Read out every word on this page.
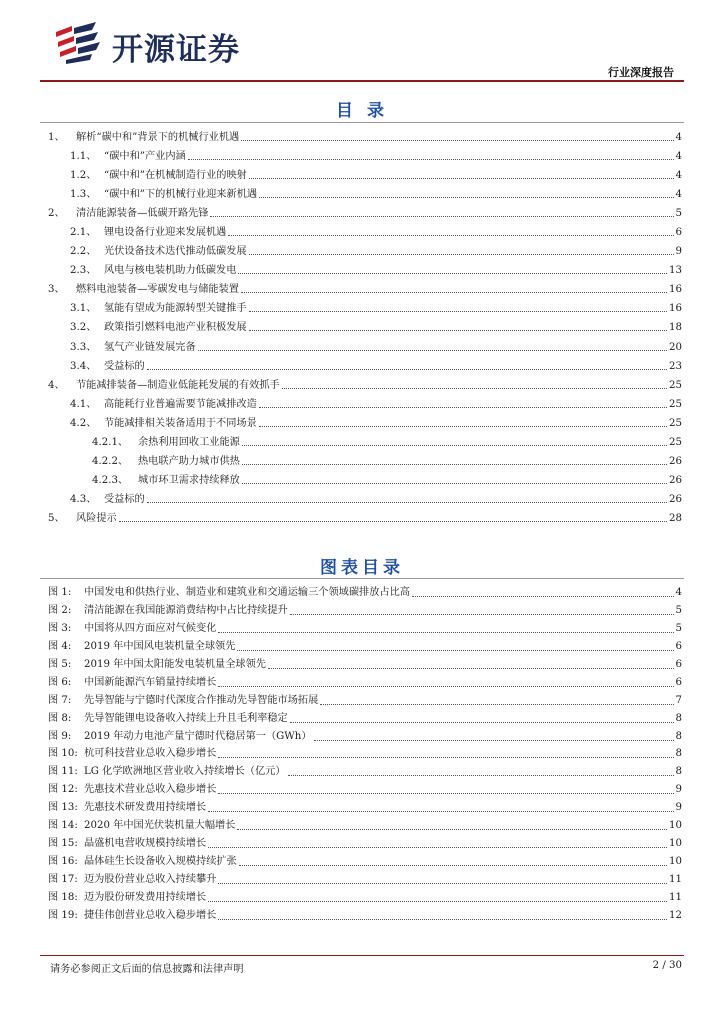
开源证券
行业深度报告
目 录
1、 解析“碳中和”背景下的机械行业机遇	4
1.1、 “碳中和”产业内涵	4
1.2、 “碳中和”在机械制造行业的映射	4
1.3、 “碳中和”下的机械行业迎来新机遇	4
2、 清洁能源装备—低碳开路先锋	5
2.1、 锂电设备行业迎来发展机遇	6
2.2、 光伏设备技术迭代推动低碳发展	9
2.3、 风电与核电装机助力低碳发电	13
3、 燃料电池装备—零碳发电与储能装置	16
3.1、 氢能有望成为能源转型关键推手	16
3.2、 政策指引燃料电池产业积极发展	18
3.3、 氢气产业链发展完备	20
3.4、 受益标的	23
4、 节能减排装备—制造业低能耗发展的有效抓手	25
4.1、 高能耗行业普遍需要节能减排改造	25
4.2、 节能减排相关装备适用于不同场景	25
4.2.1、 余热利用回收工业能源	25
4.2.2、 热电联产助力城市供热	26
4.2.3、 城市环卫需求持续释放	26
4.3、 受益标的	26
5、 风险提示	28
图表目录
图 1: 中国发电和供热行业、制造业和建筑业和交通运输三个领域碳排放占比高	4
图 2: 清洁能源在我国能源消费结构中占比持续提升	5
图 3: 中国将从四方面应对气候变化	5
图 4: 2019 年中国风电装机量全球领先	6
图 5: 2019 年中国太阳能发电装机量全球领先	6
图 6: 中国新能源汽车销量持续增长	6
图 7: 先导智能与宁德时代深度合作推动先导智能市场拓展	7
图 8: 先导智能锂电设备收入持续上升且毛利率稳定	8
图 9: 2019 年动力电池产量宁德时代稳居第一（GWh）	8
图 10: 杭可科技营业总收入稳步增长	8
图 11: LG 化学欧洲地区营业收入持续增长（亿元）	8
图 12: 先惠技术营业总收入稳步增长	9
图 13: 先惠技术研发费用持续增长	9
图 14: 2020 年中国光伏装机量大幅增长	10
图 15: 晶盛机电营收规模持续增长	10
图 16: 晶体硅生长设备收入规模持续扩张	10
图 17: 迈为股份营业总收入持续攀升	11
图 18: 迈为股份研发费用持续增长	11
图 19: 捷佳伟创营业总收入稳步增长	12
请务必参阅正文后面的信息披露和法律声明	2 / 30
